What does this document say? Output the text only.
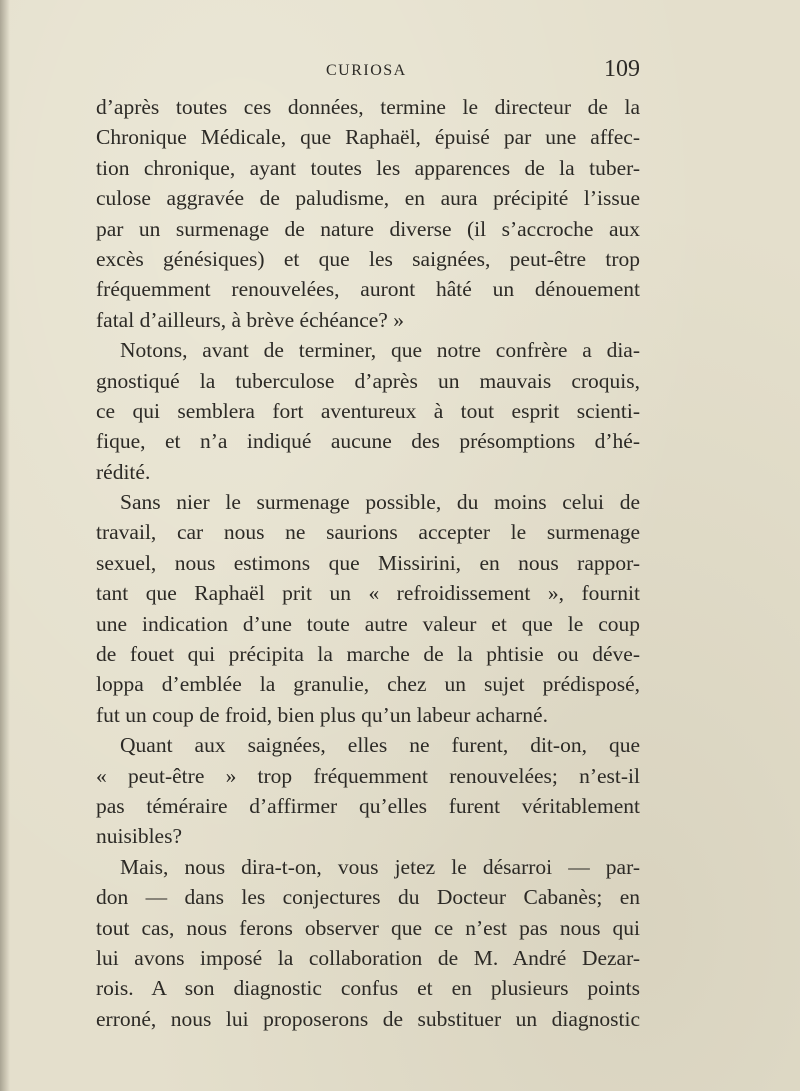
CURIOSA	109
d’après toutes ces données, termine le directeur de la
Chronique Médicale, que Raphaël, épuisé par une affec-
tion chronique, ayant toutes les apparences de la tuber-
culose aggravée de paludisme, en aura précipité l’issue
par un surmenage de nature diverse (il s’accroche aux
excès génésiques) et que les saignées, peut-être trop
fréquemment renouvelées, auront hâté un dénouement
fatal d’ailleurs, à brève échéance? »
Notons, avant de terminer, que notre confrère a dia-
gnostiqué la tuberculose d’après un mauvais croquis,
ce qui semblera fort aventureux à tout esprit scienti-
fique, et n’a indiqué aucune des présomptions d’hé-
rédité.
Sans nier le surmenage possible, du moins celui de
travail, car nous ne saurions accepter le surmenage
sexuel, nous estimons que Missirini, en nous rappor-
tant que Raphaël prit un « refroidissement », fournit
une indication d’une toute autre valeur et que le coup
de fouet qui précipita la marche de la phtisie ou déve-
loppa d’emblée la granulie, chez un sujet prédisposé,
fut un coup de froid, bien plus qu’un labeur acharné.
Quant aux saignées, elles ne furent, dit-on, que
« peut-être » trop fréquemment renouvelées; n’est-il
pas téméraire d’affirmer qu’elles furent véritablement
nuisibles?
Mais, nous dira-t-on, vous jetez le désarroi — par-
don — dans les conjectures du Docteur Cabanès; en
tout cas, nous ferons observer que ce n’est pas nous qui
lui avons imposé la collaboration de M. André Dezar-
rois. A son diagnostic confus et en plusieurs points
erroné, nous lui proposerons de substituer un diagnostic
